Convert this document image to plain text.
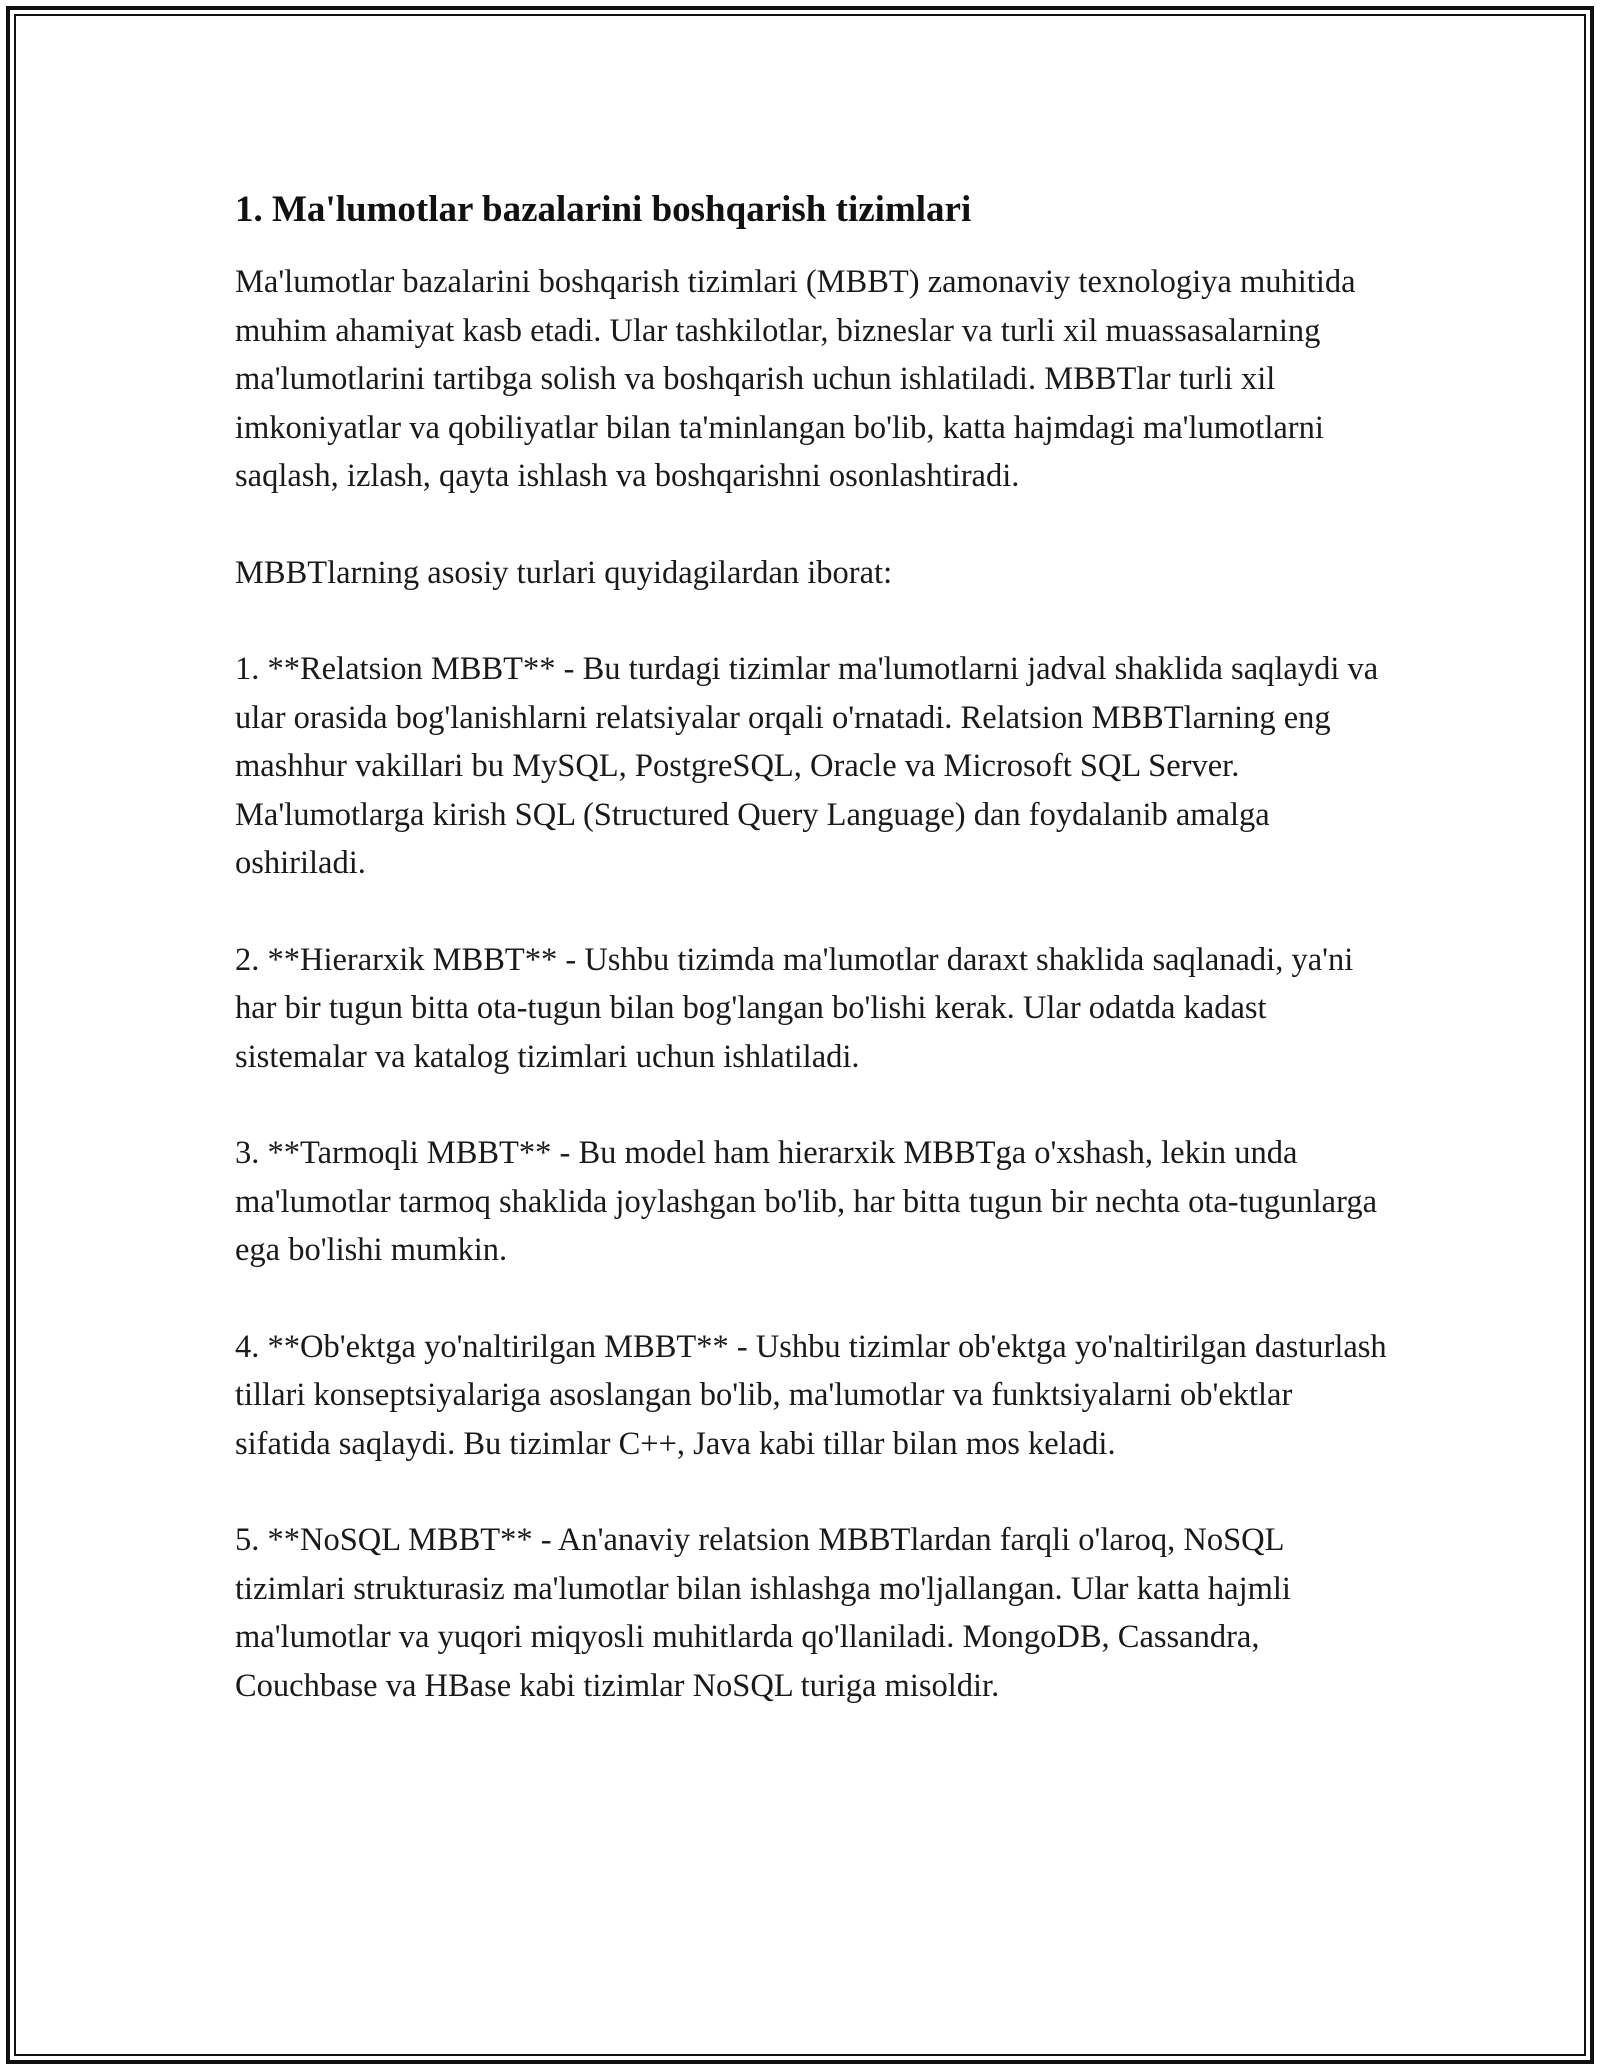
1. Ma'lumotlar bazalarini boshqarish tizimlari

Ma'lumotlar bazalarini boshqarish tizimlari (MBBT) zamonaviy texnologiya muhitida muhim ahamiyat kasb etadi. Ular tashkilotlar, bizneslar va turli xil muassasalarning ma'lumotlarini tartibga solish va boshqarish uchun ishlatiladi. MBBTlar turli xil imkoniyatlar va qobiliyatlar bilan ta'minlangan bo'lib, katta hajmdagi ma'lumotlarni saqlash, izlash, qayta ishlash va boshqarishni osonlashtiradi.

MBBTlarning asosiy turlari quyidagilardan iborat:

1. **Relatsion MBBT** - Bu turdagi tizimlar ma'lumotlarni jadval shaklida saqlaydi va ular orasida bog'lanishlarni relatsiyalar orqali o'rnatadi. Relatsion MBBTlarning eng mashhur vakillari bu MySQL, PostgreSQL, Oracle va Microsoft SQL Server. Ma'lumotlarga kirish SQL (Structured Query Language) dan foydalanib amalga oshiriladi.

2. **Hierarxik MBBT** - Ushbu tizimda ma'lumotlar daraxt shaklida saqlanadi, ya'ni har bir tugun bitta ota-tugun bilan bog'langan bo'lishi kerak. Ular odatda kadast sistemalar va katalog tizimlari uchun ishlatiladi.

3. **Tarmoqli MBBT** - Bu model ham hierarxik MBBTga o'xshash, lekin unda ma'lumotlar tarmoq shaklida joylashgan bo'lib, har bitta tugun bir nechta ota-tugunlarga ega bo'lishi mumkin.

4. **Ob'ektga yo'naltirilgan MBBT** - Ushbu tizimlar ob'ektga yo'naltirilgan dasturlash tillari konseptsiyalariga asoslangan bo'lib, ma'lumotlar va funktsiyalarni ob'ektlar sifatida saqlaydi. Bu tizimlar C++, Java kabi tillar bilan mos keladi.

5. **NoSQL MBBT** - An'anaviy relatsion MBBTlardan farqli o'laroq, NoSQL tizimlari strukturasiz ma'lumotlar bilan ishlashga mo'ljallangan. Ular katta hajmli ma'lumotlar va yuqori miqyosli muhitlarda qo'llaniladi. MongoDB, Cassandra, Couchbase va HBase kabi tizimlar NoSQL turiga misoldir.
